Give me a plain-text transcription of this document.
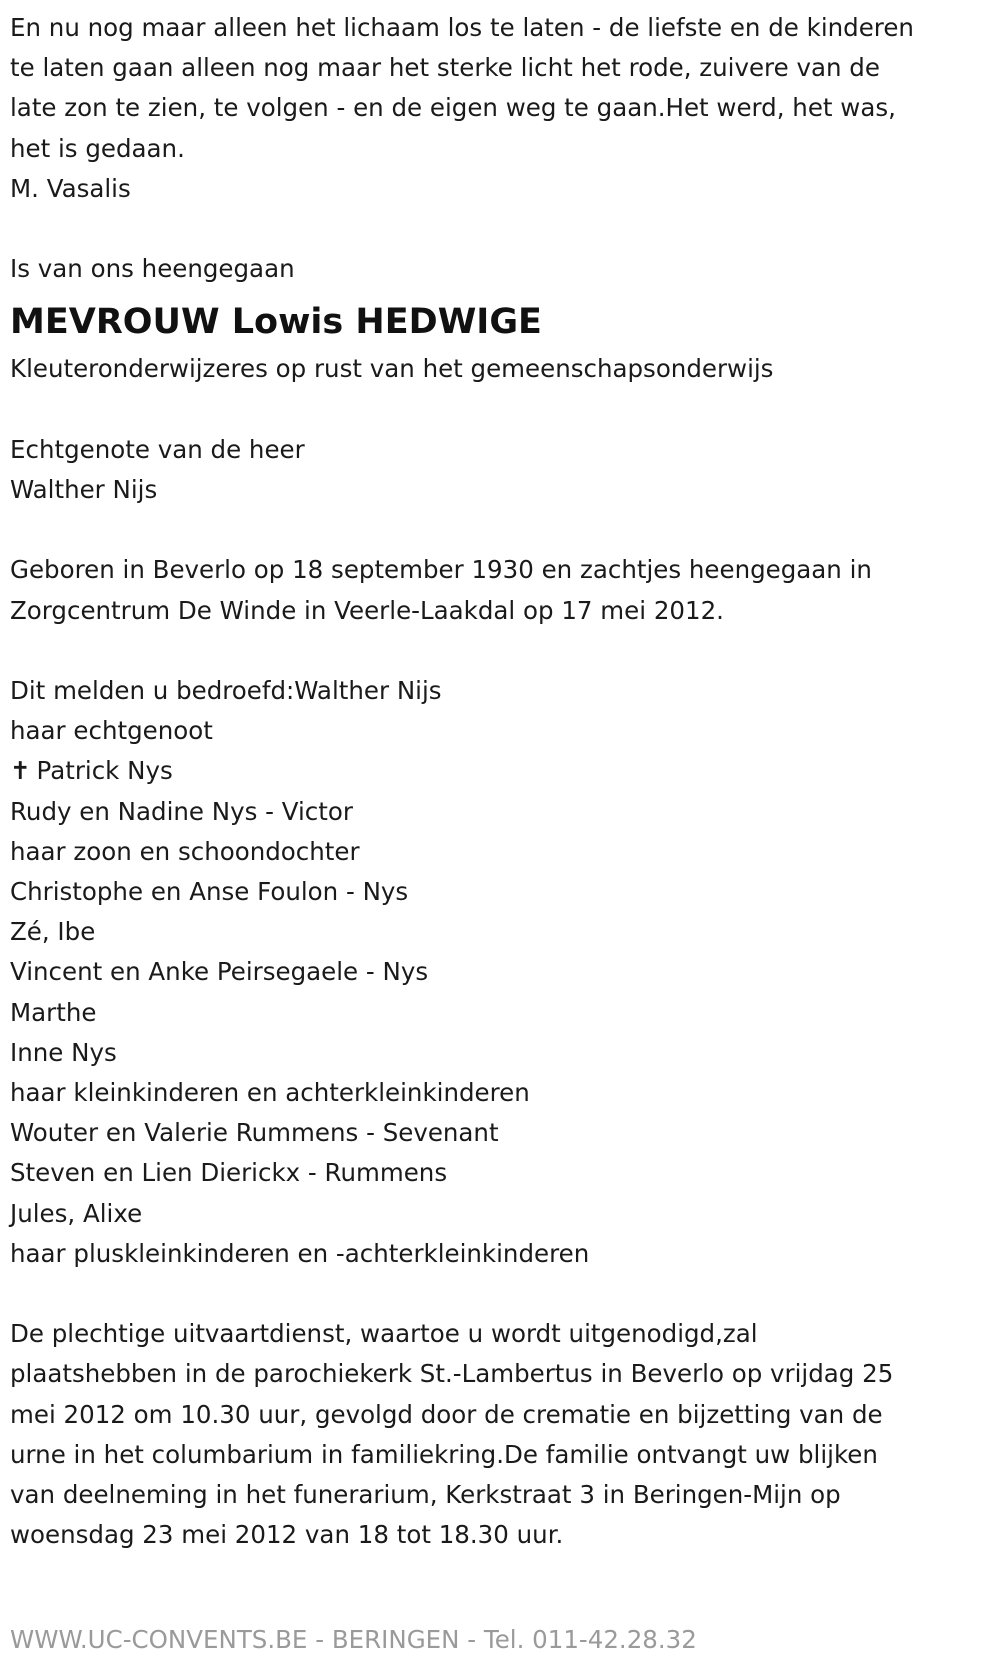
En nu nog maar alleen het lichaam los te laten - de liefste en de kinderen

te laten gaan alleen nog maar het sterke licht het rode, zuivere van de

late zon te zien, te volgen - en de eigen weg te gaan.Het werd, het was,

het is gedaan.

M. Vasalis

Is van ons heengegaan

MEVROUW Lowis HEDWIGE

Kleuteronderwijzeres op rust van het gemeenschapsonderwijs

Echtgenote van de heer

Walther Nijs

Geboren in Beverlo op 18 september 1930 en zachtjes heengegaan in

Zorgcentrum De Winde in Veerle-Laakdal op 17 mei 2012.

Dit melden u bedroefd:Walther Nijs

haar echtgenoot

✝ Patrick Nys

Rudy en Nadine Nys - Victor

haar zoon en schoondochter

Christophe en Anse Foulon - Nys

Zé, Ibe

Vincent en Anke Peirsegaele - Nys

Marthe

Inne Nys

haar kleinkinderen en achterkleinkinderen

Wouter en Valerie Rummens - Sevenant

Steven en Lien Dierickx - Rummens

Jules, Alixe

haar pluskleinkinderen en -achterkleinkinderen

De plechtige uitvaartdienst, waartoe u wordt uitgenodigd,zal

plaatshebben in de parochiekerk St.-Lambertus in Beverlo op vrijdag 25

mei 2012 om 10.30 uur, gevolgd door de crematie en bijzetting van de

urne in het columbarium in familiekring.De familie ontvangt uw blijken

van deelneming in het funerarium, Kerkstraat 3 in Beringen-Mijn op

woensdag 23 mei 2012 van 18 tot 18.30 uur.

WWW.UC-CONVENTS.BE - BERINGEN - Tel. 011-42.28.32
